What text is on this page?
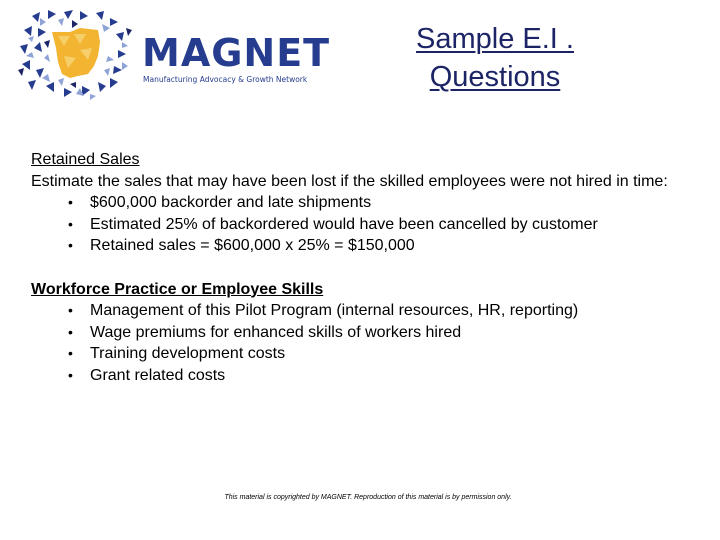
MAGNET
Manufacturing Advocacy & Growth Network
Sample E.I .
Questions
Retained Sales
Estimate the sales that may have been lost if the skilled employees were not hired in time:
• $600,000 backorder and late shipments
• Estimated 25% of backordered would have been cancelled by customer
• Retained sales = $600,000 x 25% = $150,000
Workforce Practice or Employee Skills
• Management of this Pilot Program (internal resources, HR, reporting)
• Wage premiums for enhanced skills of workers hired
• Training development costs
• Grant related costs
This material is copyrighted by MAGNET. Reproduction of this material is by permission only.
